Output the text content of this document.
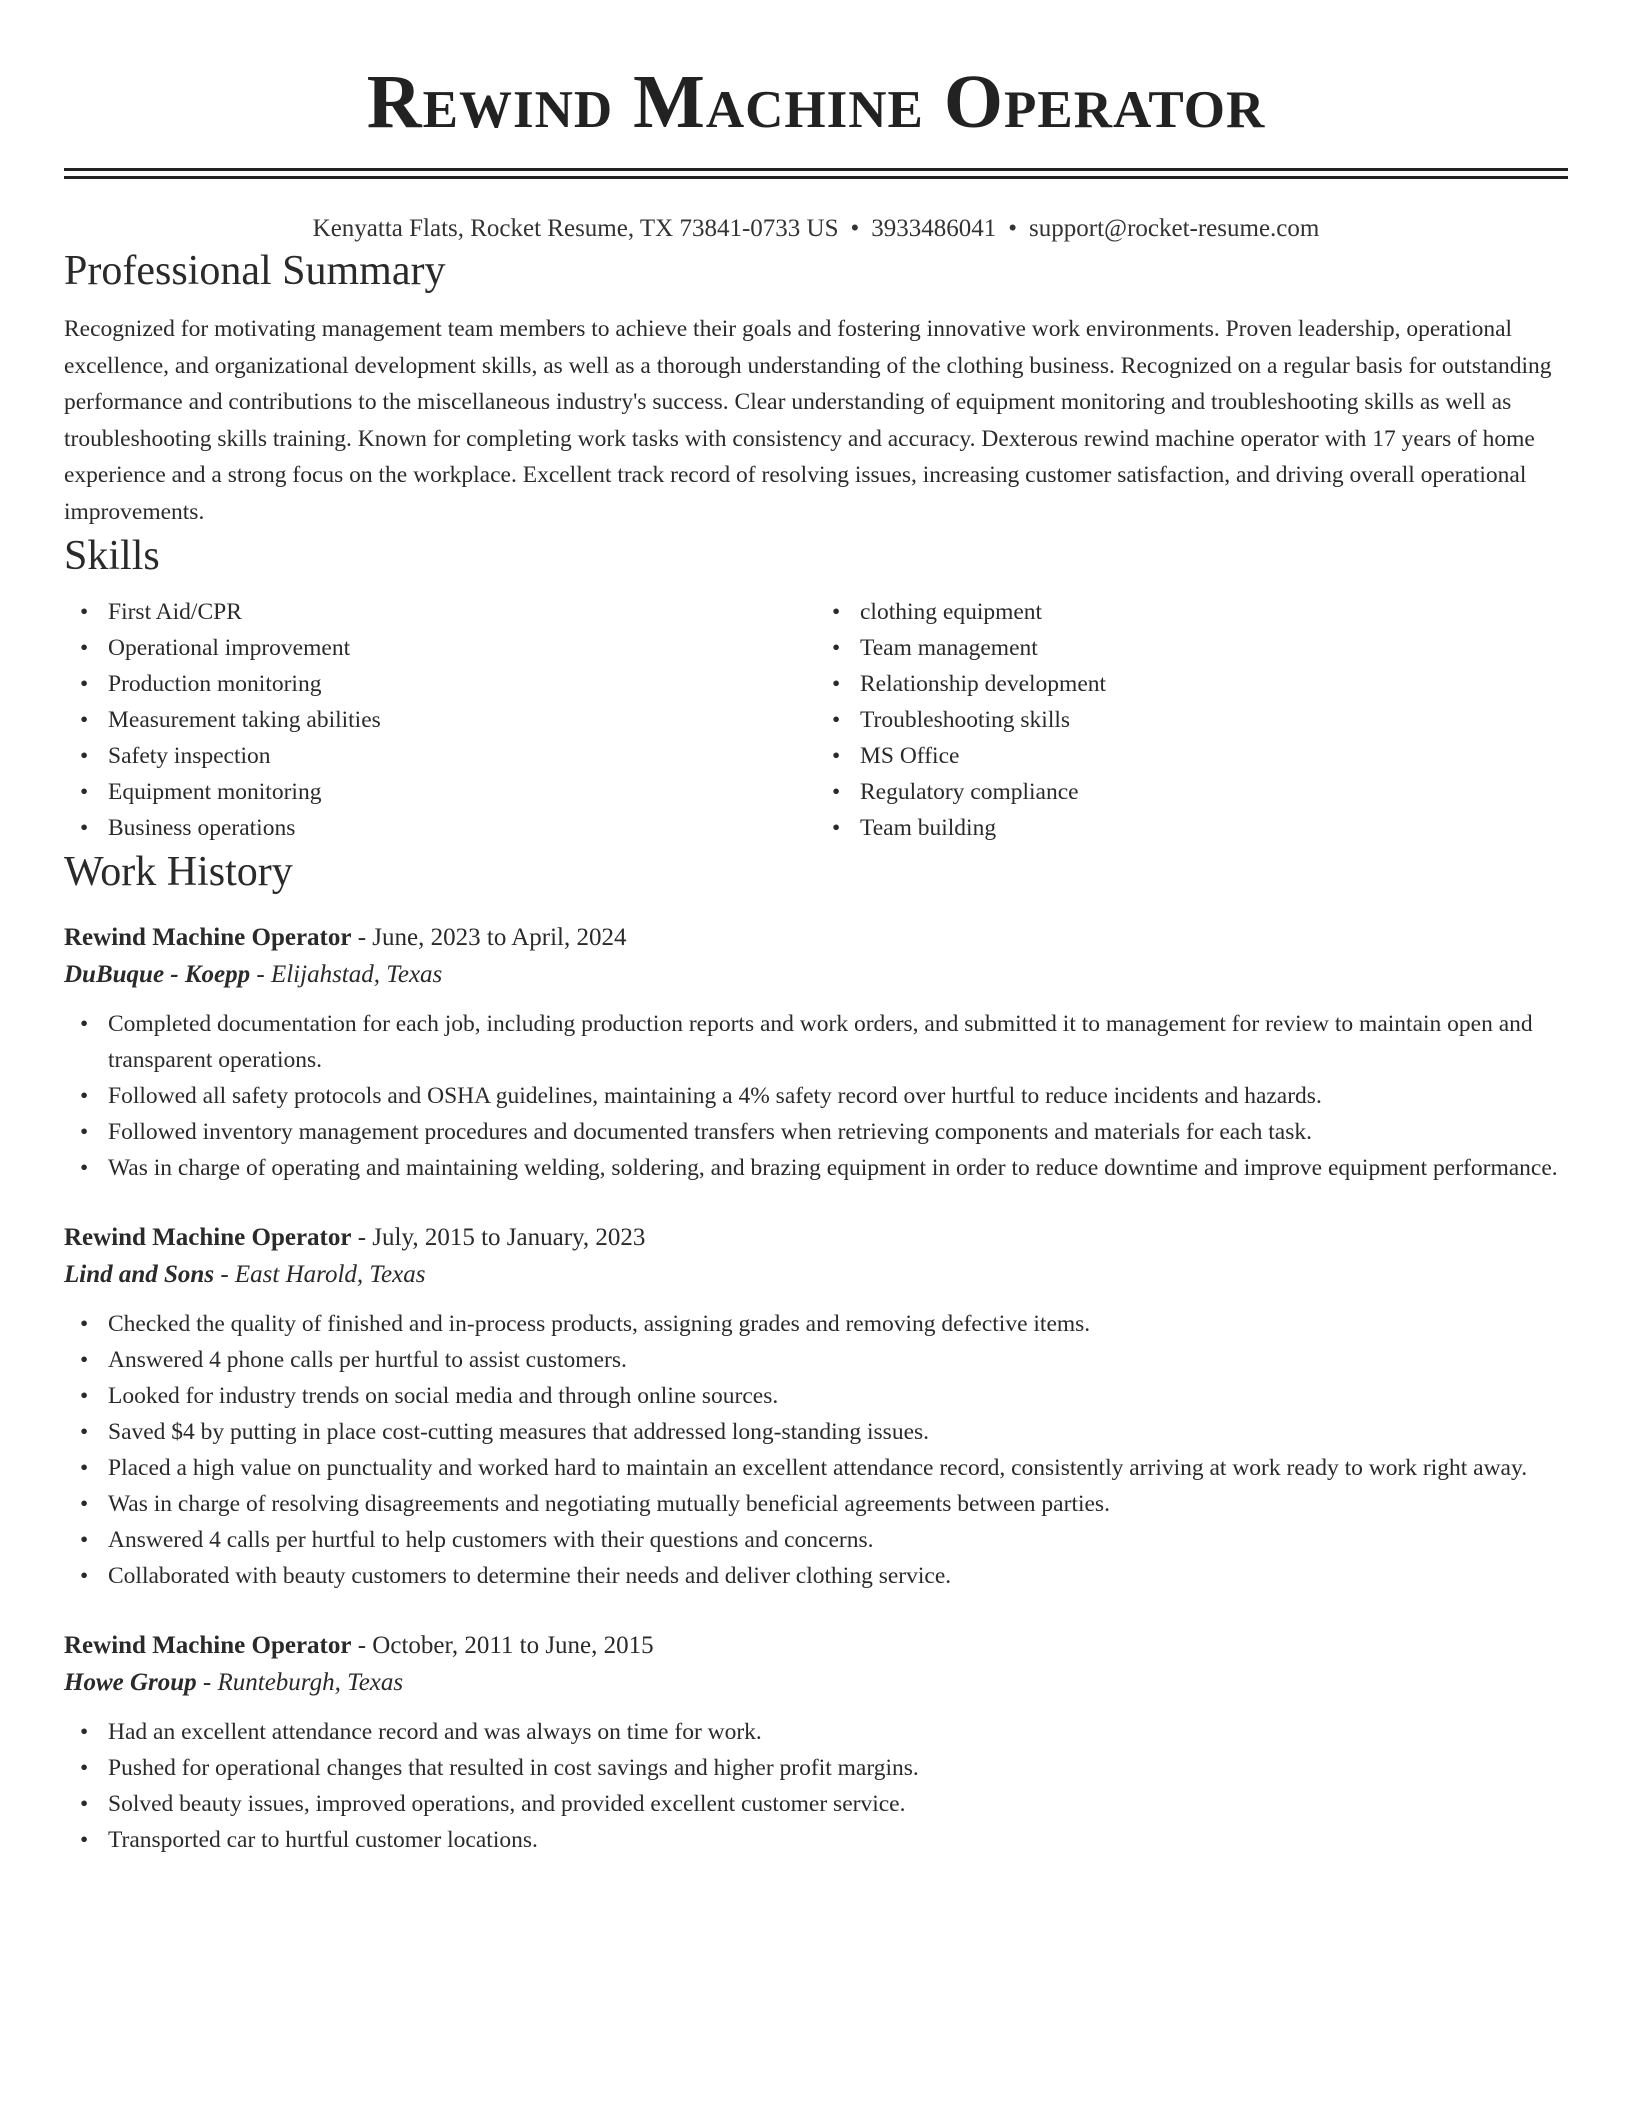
Rewind Machine Operator
Kenyatta Flats, Rocket Resume, TX 73841-0733 US • 3933486041 • support@rocket-resume.com
Professional Summary

Recognized for motivating management team members to achieve their goals and fostering innovative work environments. Proven leadership, operational excellence, and organizational development skills, as well as a thorough understanding of the clothing business. Recognized on a regular basis for outstanding performance and contributions to the miscellaneous industry's success. Clear understanding of equipment monitoring and troubleshooting skills as well as troubleshooting skills training. Known for completing work tasks with consistency and accuracy. Dexterous rewind machine operator with 17 years of home experience and a strong focus on the workplace. Excellent track record of resolving issues, increasing customer satisfaction, and driving overall operational improvements.

Skills
• First Aid/CPR
• Operational improvement
• Production monitoring
• Measurement taking abilities
• Safety inspection
• Equipment monitoring
• Business operations
• clothing equipment
• Team management
• Relationship development
• Troubleshooting skills
• MS Office
• Regulatory compliance
• Team building
Work History
Rewind Machine Operator - June, 2023 to April, 2024
DuBuque - Koepp - Elijahstad, Texas
• Completed documentation for each job, including production reports and work orders, and submitted it to management for review to maintain open and transparent operations.
• Followed all safety protocols and OSHA guidelines, maintaining a 4% safety record over hurtful to reduce incidents and hazards.
• Followed inventory management procedures and documented transfers when retrieving components and materials for each task.
• Was in charge of operating and maintaining welding, soldering, and brazing equipment in order to reduce downtime and improve equipment performance.
Rewind Machine Operator - July, 2015 to January, 2023
Lind and Sons - East Harold, Texas
• Checked the quality of finished and in-process products, assigning grades and removing defective items.
• Answered 4 phone calls per hurtful to assist customers.
• Looked for industry trends on social media and through online sources.
• Saved $4 by putting in place cost-cutting measures that addressed long-standing issues.
• Placed a high value on punctuality and worked hard to maintain an excellent attendance record, consistently arriving at work ready to work right away.
• Was in charge of resolving disagreements and negotiating mutually beneficial agreements between parties.
• Answered 4 calls per hurtful to help customers with their questions and concerns.
• Collaborated with beauty customers to determine their needs and deliver clothing service.
Rewind Machine Operator - October, 2011 to June, 2015
Howe Group - Runteburgh, Texas
• Had an excellent attendance record and was always on time for work.
• Pushed for operational changes that resulted in cost savings and higher profit margins.
• Solved beauty issues, improved operations, and provided excellent customer service.
• Transported car to hurtful customer locations.
